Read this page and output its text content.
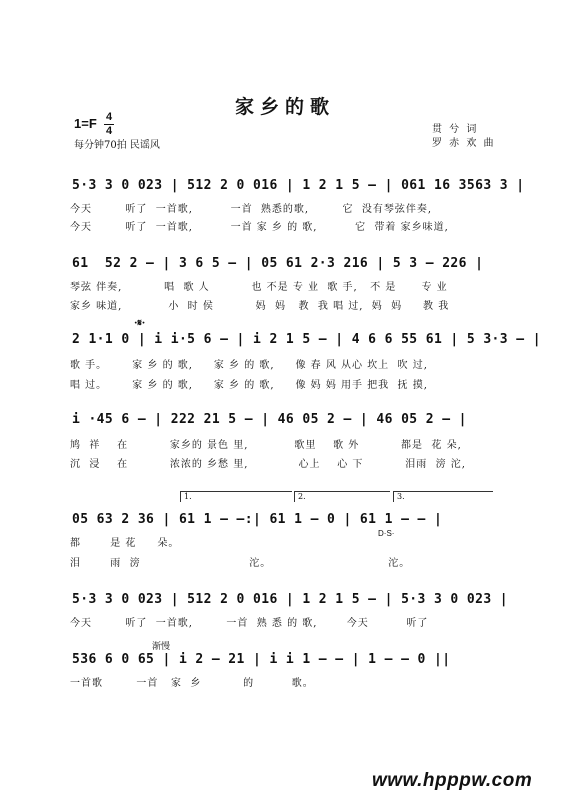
家乡的歌
1=F 4
4
每分钟70拍 民谣风
贯 兮 词
罗 赤 欢 曲
5·3 3 0 023 | 512 2 0 016 | 1 2 1 5 — | 061 16 3563 3 |
今天        听了  一首歌,         一首  熟悉的歌,        它  没有琴弦伴奏,
今天        听了  一首歌,         一首 家 乡 的 歌,         它  带着 家乡味道,
61  52 2 — | 3 6 5 — | 05 61 2·3 216 | 5 3 — 226 |
琴弦 伴奏,          唱  歌 人          也 不是 专 业  歌 手,   不 是      专 业
家乡 味道,           小  时 侯          妈  妈   教  我 唱 过,  妈  妈     教 我
·𝄋·
2 1·1 0 | i i·5 6 — | i 2 1 5 — | 4 6 6 55 61 | 5 3·3 — |
歌 手。      家 乡 的 歌,     家 乡 的 歌,     像 春 风 从心 坎上  吹 过,
唱 过。      家 乡 的 歌,     家 乡 的 歌,     像 妈 妈 用手 把我  抚 摸,
i ·45 6 — | 222 21 5 — | 46 05 2 — | 46 05 2 — |
鸠  祥    在          家乡的 景色 里,           歌里    歌 外          都是  花 朵,
沉  浸    在          浓浓的 乡愁 里,            心上    心 下          泪雨  滂 沱,
1.	2.	3.
05 63 2 36 | 61 1 — —:| 61 1 — 0 | 61 1 — — |
D·S·
都       是 花     朵。
泪       雨  滂                          沱。                            沱。
5·3 3 0 023 | 512 2 0 016 | 1 2 1 5 — | 5·3 3 0 023 |
今天        听了  一首歌,        一首  熟 悉 的 歌,       今天         听了
渐慢
536 6 0 65 | i 2 — 21 | i i 1 — — | 1 — — 0 ||
一首歌        一首   家  乡          的         歌。
www.hpppw.com
